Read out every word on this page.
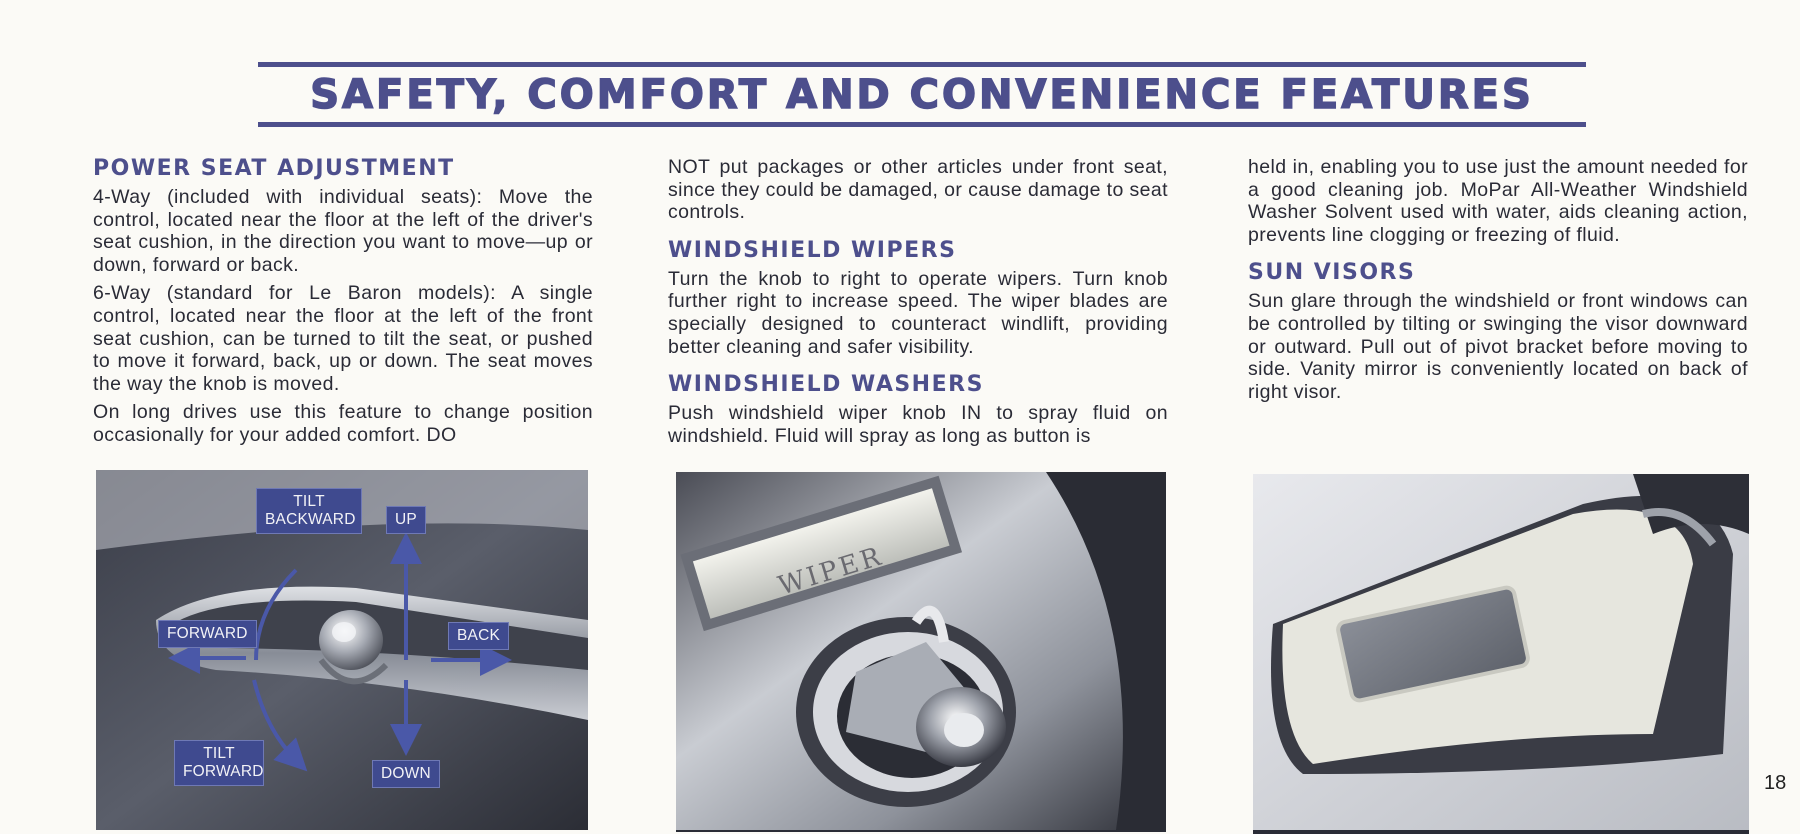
SAFETY, COMFORT AND CONVENIENCE FEATURES
POWER SEAT ADJUSTMENT

4-Way (included with individual seats): Move the control, located near the floor at the left of the driver's seat cushion, in the direction you want to move—up or down, forward or back.

6-Way (standard for Le Baron models): A single control, located near the floor at the left of the front seat cushion, can be turned to tilt the seat, or pushed to move it forward, back, up or down. The seat moves the way the knob is moved.

On long drives use this feature to change position occasionally for your added comfort. DO

NOT put packages or other articles under front seat, since they could be damaged, or cause damage to seat controls.

WINDSHIELD WIPERS

Turn the knob to right to operate wipers. Turn knob further right to increase speed. The wiper blades are specially designed to counteract windlift, providing better cleaning and safer visibility.

WINDSHIELD WASHERS

Push windshield wiper knob IN to spray fluid on windshield. Fluid will spray as long as button is

held in, enabling you to use just the amount needed for a good cleaning job. MoPar All-Weather Windshield Washer Solvent used with water, aids cleaning action, prevents line clogging or freezing of fluid.

SUN VISORS

Sun glare through the windshield or front windows can be controlled by tilting or swinging the visor downward or outward. Pull out of pivot bracket before moving to side. Vanity mirror is conveniently located on back of right visor.

TILT
BACKWARD	UP
FORWARD	BACK
TILT
FORWARD	DOWN
WIPER
18
